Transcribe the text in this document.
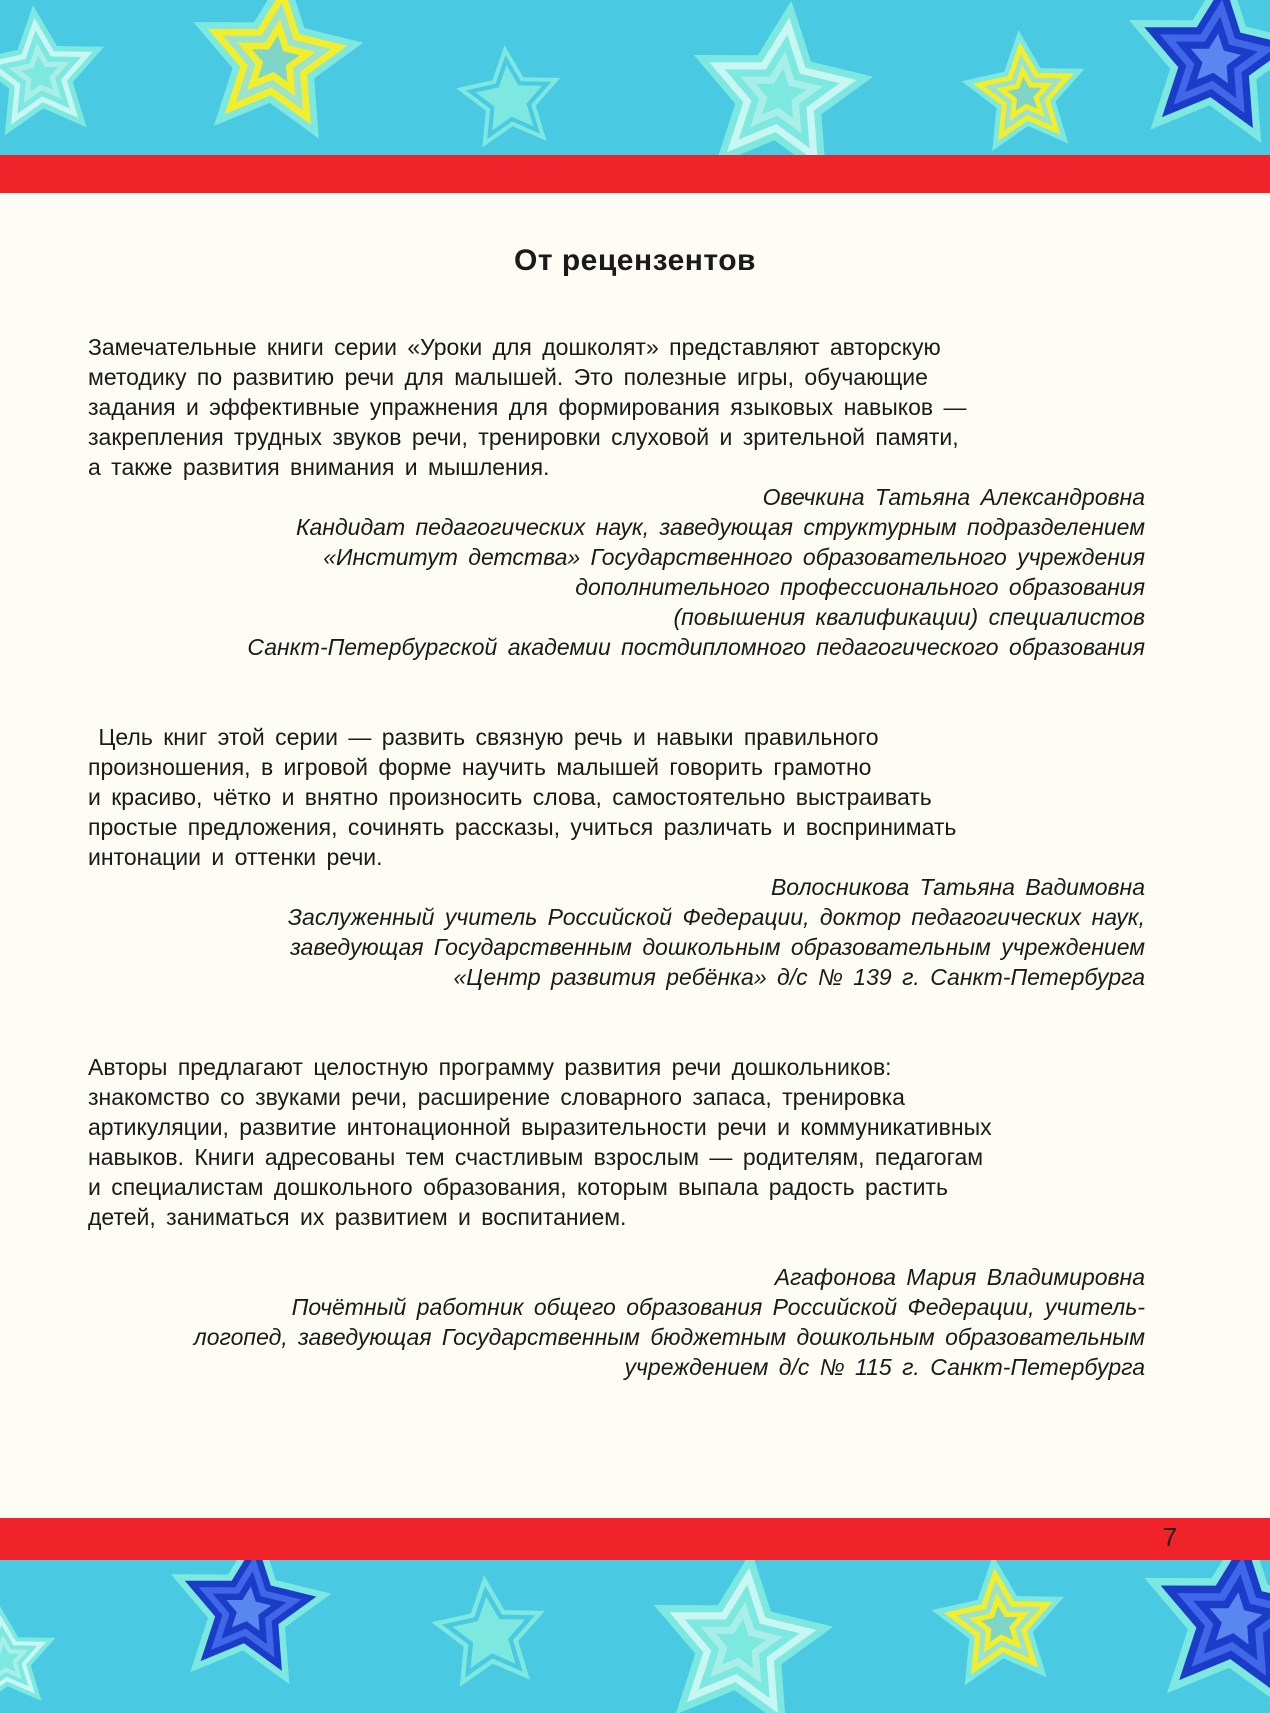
От рецензентов

Замечательные книги серии «Уроки для дошколят» представляют авторскую
методику по развитию речи для малышей. Это полезные игры, обучающие
задания и эффективные упражнения для формирования языковых навыков —
закрепления трудных звуков речи, тренировки слуховой и зрительной памяти,
а также развития внимания и мышления.

Овечкина Татьяна Александровна
Кандидат педагогических наук, заведующая структурным подразделением
«Институт детства» Государственного образовательного учреждения
дополнительного профессионального образования
(повышения квалификации) специалистов
Санкт-Петербургской академии постдипломного педагогического образования

Цель книг этой серии — развить связную речь и навыки правильного
произношения, в игровой форме научить малышей говорить грамотно
и красиво, чётко и внятно произносить слова, самостоятельно выстраивать
простые предложения, сочинять рассказы, учиться различать и воспринимать
интонации и оттенки речи.

Волосникова Татьяна Вадимовна
Заслуженный учитель Российской Федерации, доктор педагогических наук,
заведующая Государственным дошкольным образовательным учреждением
«Центр развития ребёнка» д/с № 139 г. Санкт-Петербурга

Авторы предлагают целостную программу развития речи дошкольников:
знакомство со звуками речи, расширение словарного запаса, тренировка
артикуляции, развитие интонационной выразительности речи и коммуникативных
навыков. Книги адресованы тем счастливым взрослым — родителям, педагогам
и специалистам дошкольного образования, которым выпала радость растить
детей, заниматься их развитием и воспитанием.

Агафонова Мария Владимировна
Почётный работник общего образования Российской Федерации, учитель-
логопед, заведующая Государственным бюджетным дошкольным образовательным
учреждением д/с № 115 г. Санкт-Петербурга
7
